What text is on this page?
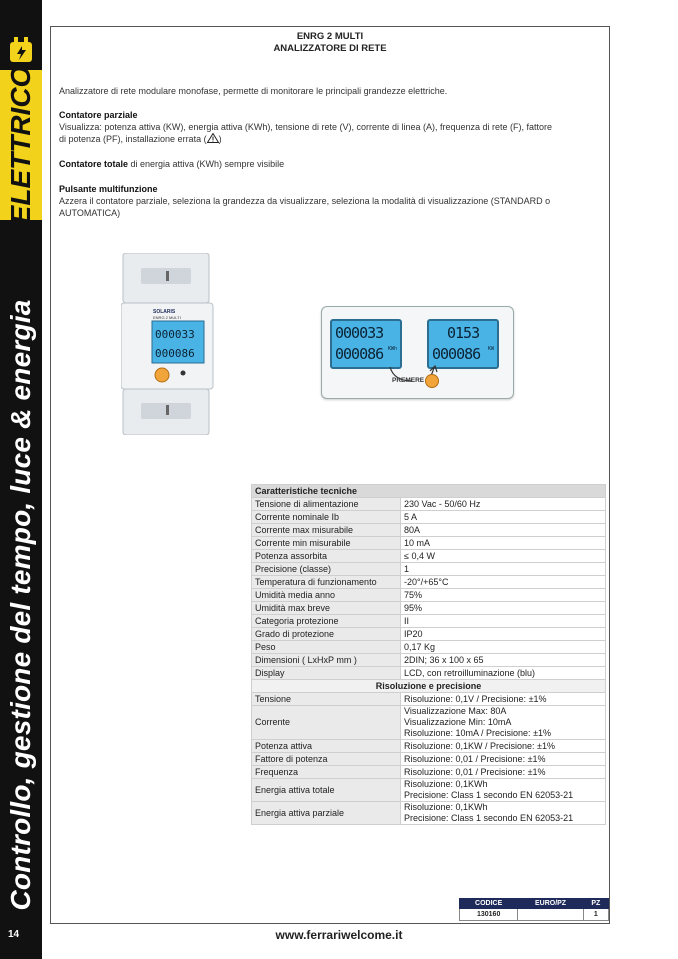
ELETTRICO
Controllo, gestione del tempo, luce & energia
14
ENRG 2 MULTI
ANALIZZATORE DI RETE
Analizzatore di rete modulare monofase, permette di monitorare le principali grandezze elettriche.
Contatore parziale
Visualizza: potenza attiva (KW), energia attiva (KWh), tensione di rete (V), corrente di linea (A), frequenza di rete (F), fattore
di potenza (PF), installazione errata ( )
Contatore totale di energia attiva (KWh) sempre visibile
Pulsante multifunzione
Azzera il contatore parziale, seleziona la grandezza da visualizzare, seleziona la modalità di visualizzazione (STANDARD o
AUTOMATICA)
SOLARIS
ENRG 2 MULTI
000033
000086
000033
KWh
000086
0153
KW
000086
PREMERE
Caratteristiche tecniche	
Tensione di alimentazione	230 Vac - 50/60 Hz
Corrente nominale Ib	5 A
Corrente max misurabile	80A
Corrente min misurabile	10 mA
Potenza assorbita	≤ 0,4 W
Precisione (classe)	1
Temperatura di funzionamento	-20°/+65°C
Umidità media anno	75%
Umidità max breve	95%
Categoria protezione	II
Grado di protezione	IP20
Peso	0,17 Kg
Dimensioni ( LxHxP mm )	2DIN; 36 x 100 x 65
Display	LCD, con retroilluminazione (blu)
Risoluzione e precisione	
Tensione	Risoluzione: 0,1V / Precisione: ±1%

Corrente	Visualizzazione Max: 80A
Visualizzazione Min: 10mA
Risoluzione: 10mA / Precisione: ±1%

Potenza attiva	Risoluzione: 0,1KW / Precisione: ±1%

Fattore di potenza	Risoluzione: 0,01 / Precisione: ±1%

Frequenza	Risoluzione: 0,01 / Precisione: ±1%

Energia attiva totale	Risoluzione: 0,1KWh
Precisione: Class 1 secondo EN 62053-21

Energia attiva parziale	Risoluzione: 0,1KWh
Precisione: Class 1 secondo EN 62053-21
CODICE	EURO/PZ	PZ
130160		1
www.ferrariwelcome.it
